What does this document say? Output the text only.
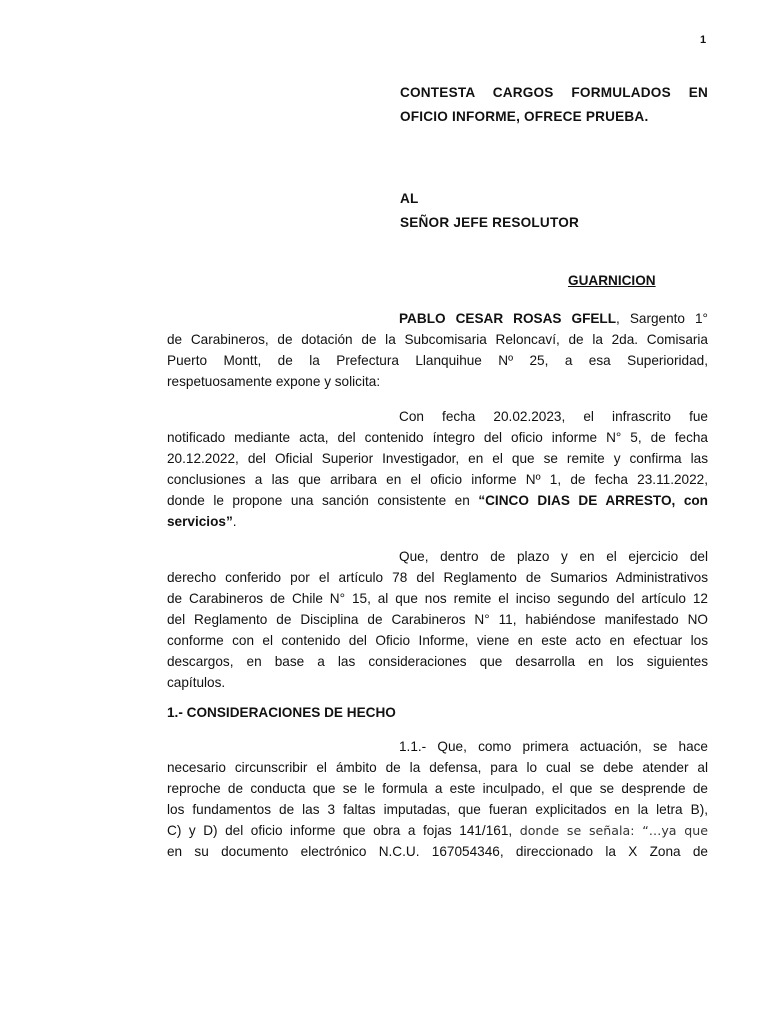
1
CONTESTA CARGOS FORMULADOS EN
OFICIO INFORME, OFRECE PRUEBA.
AL
SEÑOR JEFE RESOLUTOR
GUARNICION
PABLO CESAR ROSAS GFELL, Sargento 1°
de Carabineros, de dotación de la Subcomisaria Reloncaví, de la 2da. Comisaria
Puerto Montt, de la Prefectura Llanquihue Nº 25, a esa Superioridad,
respetuosamente expone y solicita:
Con fecha 20.02.2023, el infrascrito fue
notificado mediante acta, del contenido íntegro del oficio informe N° 5, de fecha
20.12.2022, del Oficial Superior Investigador, en el que se remite y confirma las
conclusiones a las que arribara en el oficio informe Nº 1, de fecha 23.11.2022,
donde le propone una sanción consistente en “CINCO DIAS DE ARRESTO, con
servicios”.
Que, dentro de plazo y en el ejercicio del
derecho conferido por el artículo 78 del Reglamento de Sumarios Administrativos
de Carabineros de Chile N° 15, al que nos remite el inciso segundo del artículo 12
del Reglamento de Disciplina de Carabineros N° 11, habiéndose manifestado NO
conforme con el contenido del Oficio Informe, viene en este acto en efectuar los
descargos, en base a las consideraciones que desarrolla en los siguientes
capítulos.
1.- CONSIDERACIONES DE HECHO
1.1.- Que, como primera actuación, se hace
necesario circunscribir el ámbito de la defensa, para lo cual se debe atender al
reproche de conducta que se le formula a este inculpado, el que se desprende de
los fundamentos de las 3 faltas imputadas, que fueran explicitados en la letra B),
C) y D) del oficio informe que obra a fojas 141/161, donde se señala: “…ya que
en su documento electrónico N.C.U. 167054346, direccionado la X Zona de
